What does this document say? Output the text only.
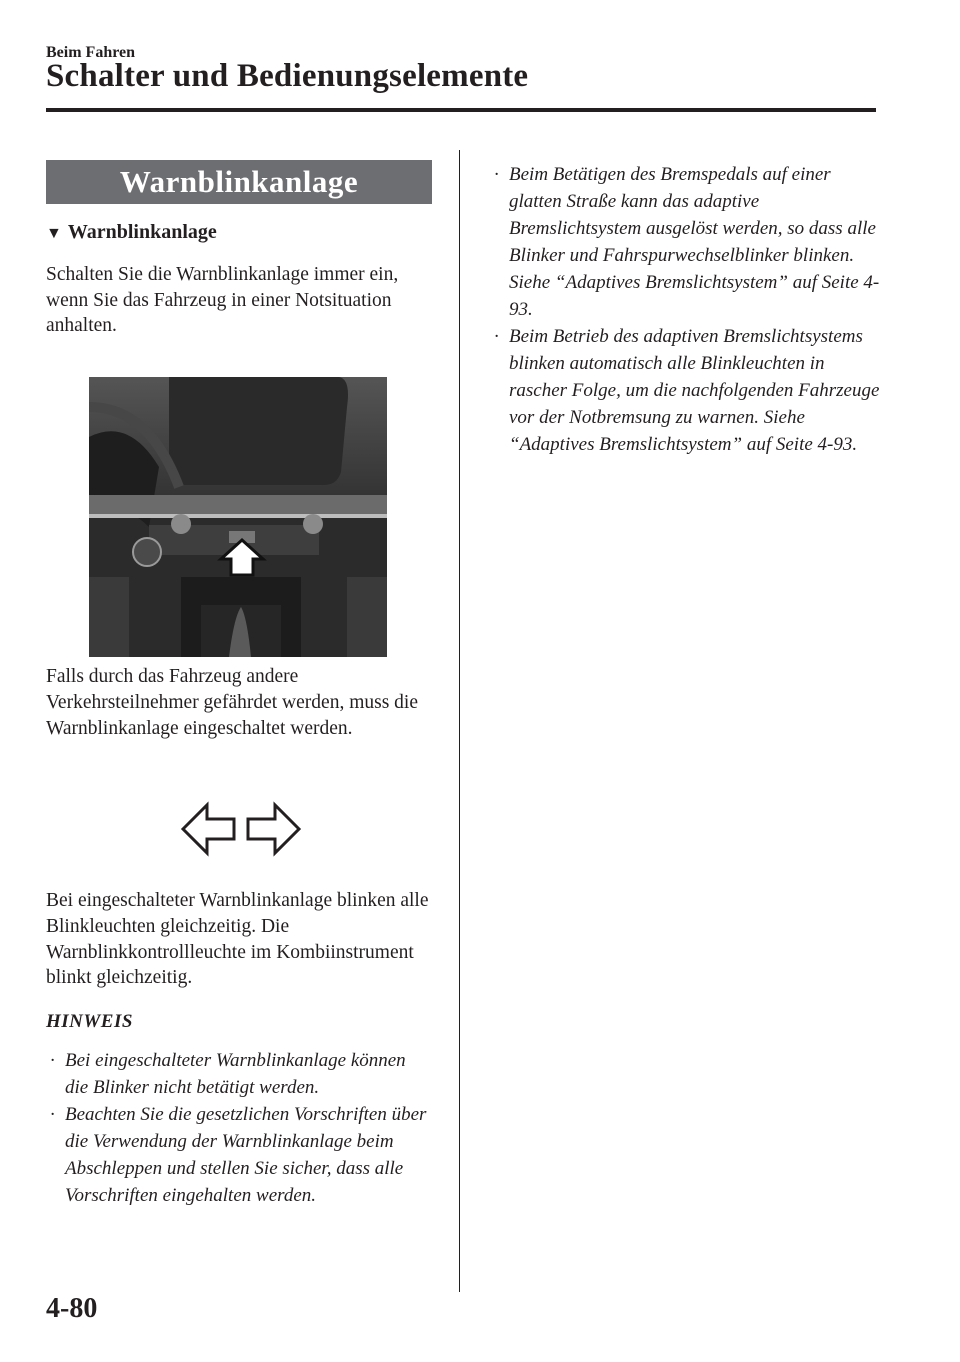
Beim Fahren
Schalter und Bedienungselemente
Warnblinkanlage
▼ Warnblinkanlage

Schalten Sie die Warnblinkanlage immer ein, wenn Sie das Fahrzeug in einer Notsituation anhalten.

Falls durch das Fahrzeug andere Verkehrsteilnehmer gefährdet werden, muss die Warnblinkanlage eingeschaltet werden.

Bei eingeschalteter Warnblinkanlage blinken alle Blinkleuchten gleichzeitig. Die Warnblinkkontrollleuchte im Kombiinstrument blinkt gleichzeitig.

HINWEIS
· Bei eingeschalteter Warnblinkanlage können die Blinker nicht betätigt werden.
· Beachten Sie die gesetzlichen Vorschriften über die Verwendung der Warnblinkanlage beim Abschleppen und stellen Sie sicher, dass alle Vorschriften eingehalten werden.
· Beim Betätigen des Bremspedals auf einer glatten Straße kann das adaptive Bremslichtsystem ausgelöst werden, so dass alle Blinker und Fahrspurwechselblinker blinken. Siehe “Adaptives Bremslichtsystem” auf Seite 4-93.
· Beim Betrieb des adaptiven Bremslichtsystems blinken automatisch alle Blinkleuchten in rascher Folge, um die nachfolgenden Fahrzeuge vor der Notbremsung zu warnen. Siehe “Adaptives Bremslichtsystem” auf Seite 4-93.
4-80
